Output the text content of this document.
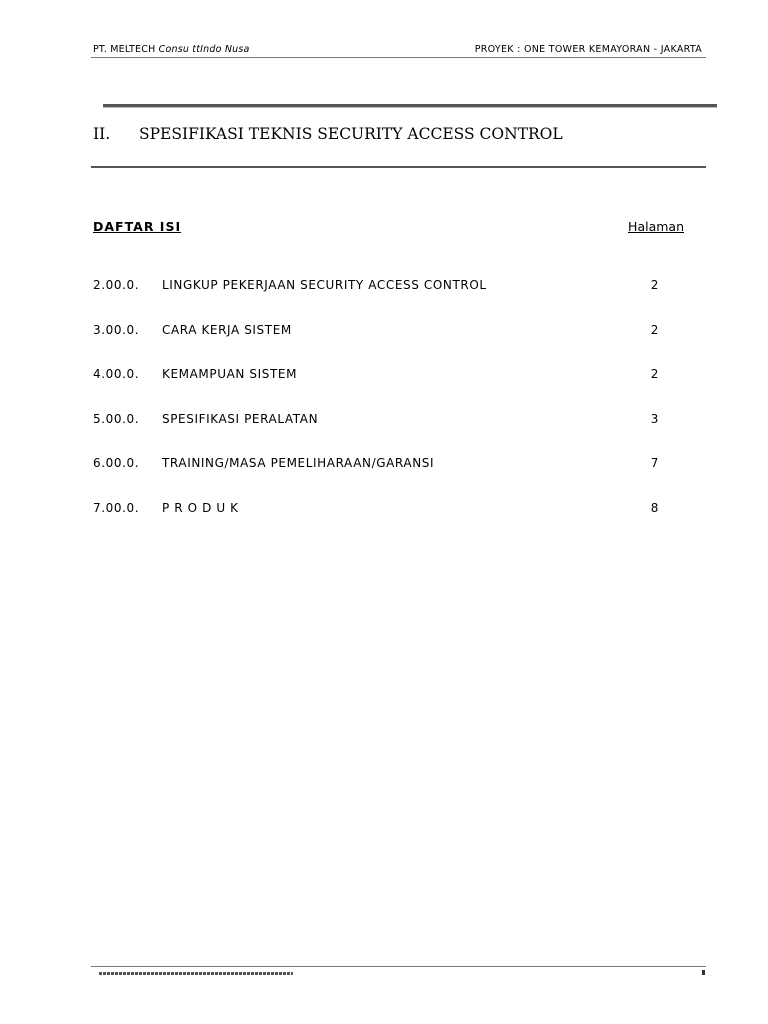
PT. MELTECH Consu ttIndo Nusa	PROYEK : ONE TOWER KEMAYORAN - JAKARTA
II.	SPESIFIKASI TEKNIS SECURITY ACCESS CONTROL
DAFTAR ISI	Halaman
2.00.0. LINGKUP PEKERJAAN SECURITY ACCESS CONTROL	2
3.00.0. CARA KERJA SISTEM	2
4.00.0. KEMAMPUAN SISTEM	2
5.00.0. SPESIFIKASI PERALATAN	3
6.00.0. TRAINING/MASA PEMELIHARAAN/GARANSI	7
7.00.0. P R O D U K	8
